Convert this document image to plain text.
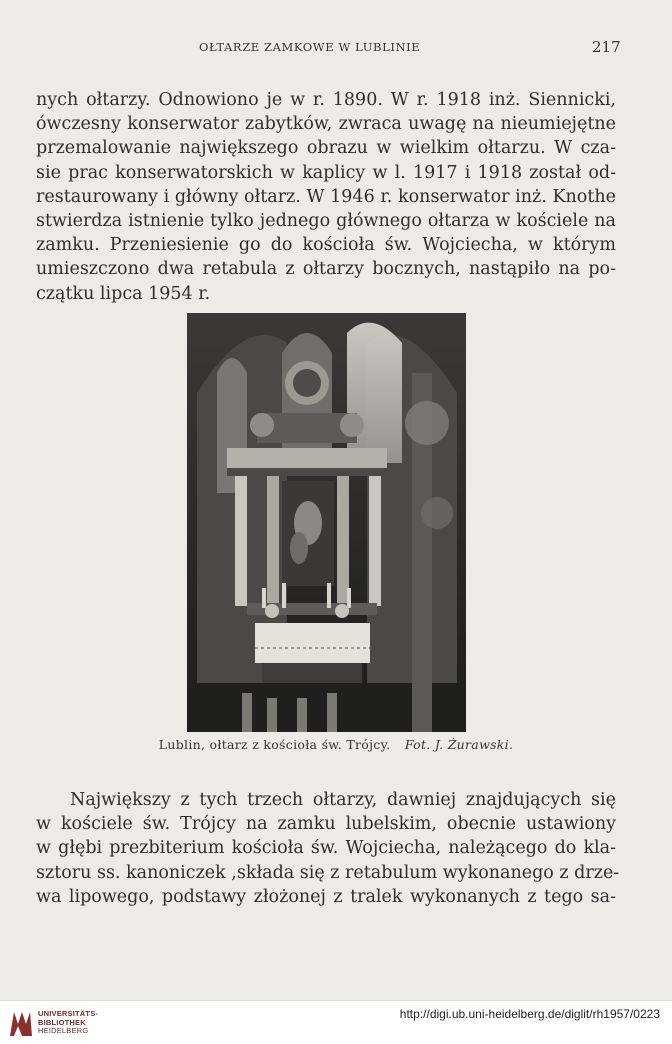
OŁTARZE ZAMKOWE W LUBLINIE	217
nych ołtarzy. Odnowiono je w r. 1890. W r. 1918 inż. Siennicki,
ówczesny konserwator zabytków, zwraca uwagę na nieumiejętne
przemalowanie największego obrazu w wielkim ołtarzu. W cza-
sie prac konserwatorskich w kaplicy w l. 1917 i 1918 został od-
restaurowany i główny ołtarz. W 1946 r. konserwator inż. Knothe
stwierdza istnienie tylko jednego głównego ołtarza w kościele na
zamku. Przeniesienie go do kościoła św. Wojciecha, w którym
umieszczono dwa retabula z ołtarzy bocznych, nastąpiło na po-
czątku lipca 1954 r.
Lublin, ołtarz z kościoła św. Trójcy. Fot. J. Żurawski.
Największy z tych trzech ołtarzy, dawniej znajdujących się
w kościele św. Trójcy na zamku lubelskim, obecnie ustawiony
w głębi prezbiterium kościoła św. Wojciecha, należącego do kla-
sztoru ss. kanoniczek ,składa się z retabulum wykonanego z drze-
wa lipowego, podstawy złożonej z tralek wykonanych z tego sa-
UNIVERSITÄTS-
BIBLIOTHEK
HEIDELBERG
http://digi.ub.uni-heidelberg.de/diglit/rh1957/0223
